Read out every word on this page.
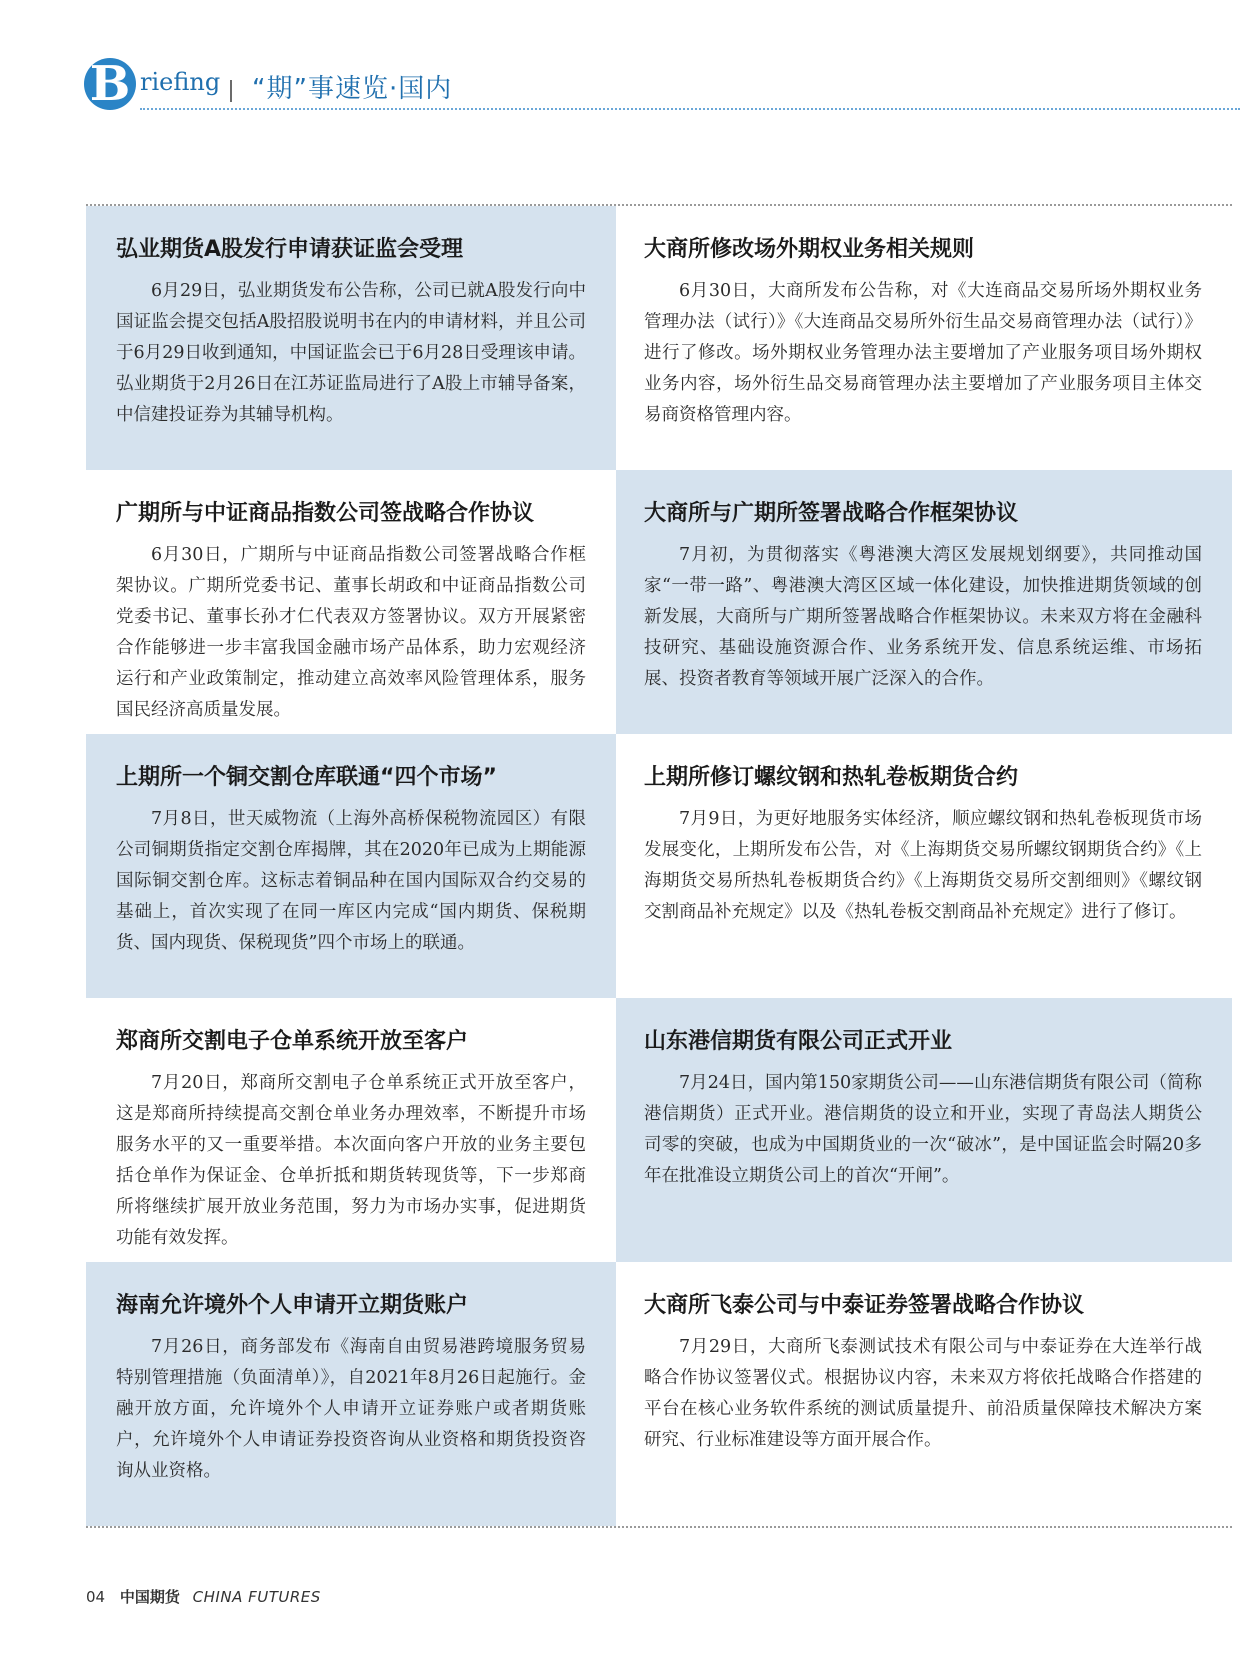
B riefing “期”事速览·国内
弘业期货A股发行申请获证监会受理

6月29日，弘业期货发布公告称，公司已就A股发行向中国证监会提交包括A股招股说明书在内的申请材料，并且公司于6月29日收到通知，中国证监会已于6月28日受理该申请。弘业期货于2月26日在江苏证监局进行了A股上市辅导备案，中信建投证券为其辅导机构。

大商所修改场外期权业务相关规则

6月30日，大商所发布公告称，对《大连商品交易所场外期权业务管理办法（试行）》《大连商品交易所外衍生品交易商管理办法（试行）》进行了修改。场外期权业务管理办法主要增加了产业服务项目场外期权业务内容，场外衍生品交易商管理办法主要增加了产业服务项目主体交易商资格管理内容。

广期所与中证商品指数公司签战略合作协议

6月30日，广期所与中证商品指数公司签署战略合作框架协议。广期所党委书记、董事长胡政和中证商品指数公司党委书记、董事长孙才仁代表双方签署协议。双方开展紧密合作能够进一步丰富我国金融市场产品体系，助力宏观经济运行和产业政策制定，推动建立高效率风险管理体系，服务国民经济高质量发展。

大商所与广期所签署战略合作框架协议

7月初，为贯彻落实《粤港澳大湾区发展规划纲要》，共同推动国家“一带一路”、粤港澳大湾区区域一体化建设，加快推进期货领域的创新发展，大商所与广期所签署战略合作框架协议。未来双方将在金融科技研究、基础设施资源合作、业务系统开发、信息系统运维、市场拓展、投资者教育等领域开展广泛深入的合作。

上期所一个铜交割仓库联通“四个市场”

7月8日，世天威物流（上海外高桥保税物流园区）有限公司铜期货指定交割仓库揭牌，其在2020年已成为上期能源国际铜交割仓库。这标志着铜品种在国内国际双合约交易的基础上，首次实现了在同一库区内完成“国内期货、保税期货、国内现货、保税现货”四个市场上的联通。

上期所修订螺纹钢和热轧卷板期货合约

7月9日，为更好地服务实体经济，顺应螺纹钢和热轧卷板现货市场发展变化，上期所发布公告，对《上海期货交易所螺纹钢期货合约》《上海期货交易所热轧卷板期货合约》《上海期货交易所交割细则》《螺纹钢交割商品补充规定》以及《热轧卷板交割商品补充规定》进行了修订。

郑商所交割电子仓单系统开放至客户

7月20日，郑商所交割电子仓单系统正式开放至客户，这是郑商所持续提高交割仓单业务办理效率，不断提升市场服务水平的又一重要举措。本次面向客户开放的业务主要包括仓单作为保证金、仓单折抵和期货转现货等，下一步郑商所将继续扩展开放业务范围，努力为市场办实事，促进期货功能有效发挥。

山东港信期货有限公司正式开业

7月24日，国内第150家期货公司——山东港信期货有限公司（简称港信期货）正式开业。港信期货的设立和开业，实现了青岛法人期货公司零的突破，也成为中国期货业的一次“破冰”，是中国证监会时隔20多年在批准设立期货公司上的首次“开闸”。

海南允许境外个人申请开立期货账户

7月26日，商务部发布《海南自由贸易港跨境服务贸易特别管理措施（负面清单）》，自2021年8月26日起施行。金融开放方面，允许境外个人申请开立证券账户或者期货账户，允许境外个人申请证券投资咨询从业资格和期货投资咨询从业资格。

大商所飞泰公司与中泰证券签署战略合作协议

7月29日，大商所飞泰测试技术有限公司与中泰证券在大连举行战略合作协议签署仪式。根据协议内容，未来双方将依托战略合作搭建的平台在核心业务软件系统的测试质量提升、前沿质量保障技术解决方案研究、行业标准建设等方面开展合作。

04 中国期货 CHINA FUTURES
